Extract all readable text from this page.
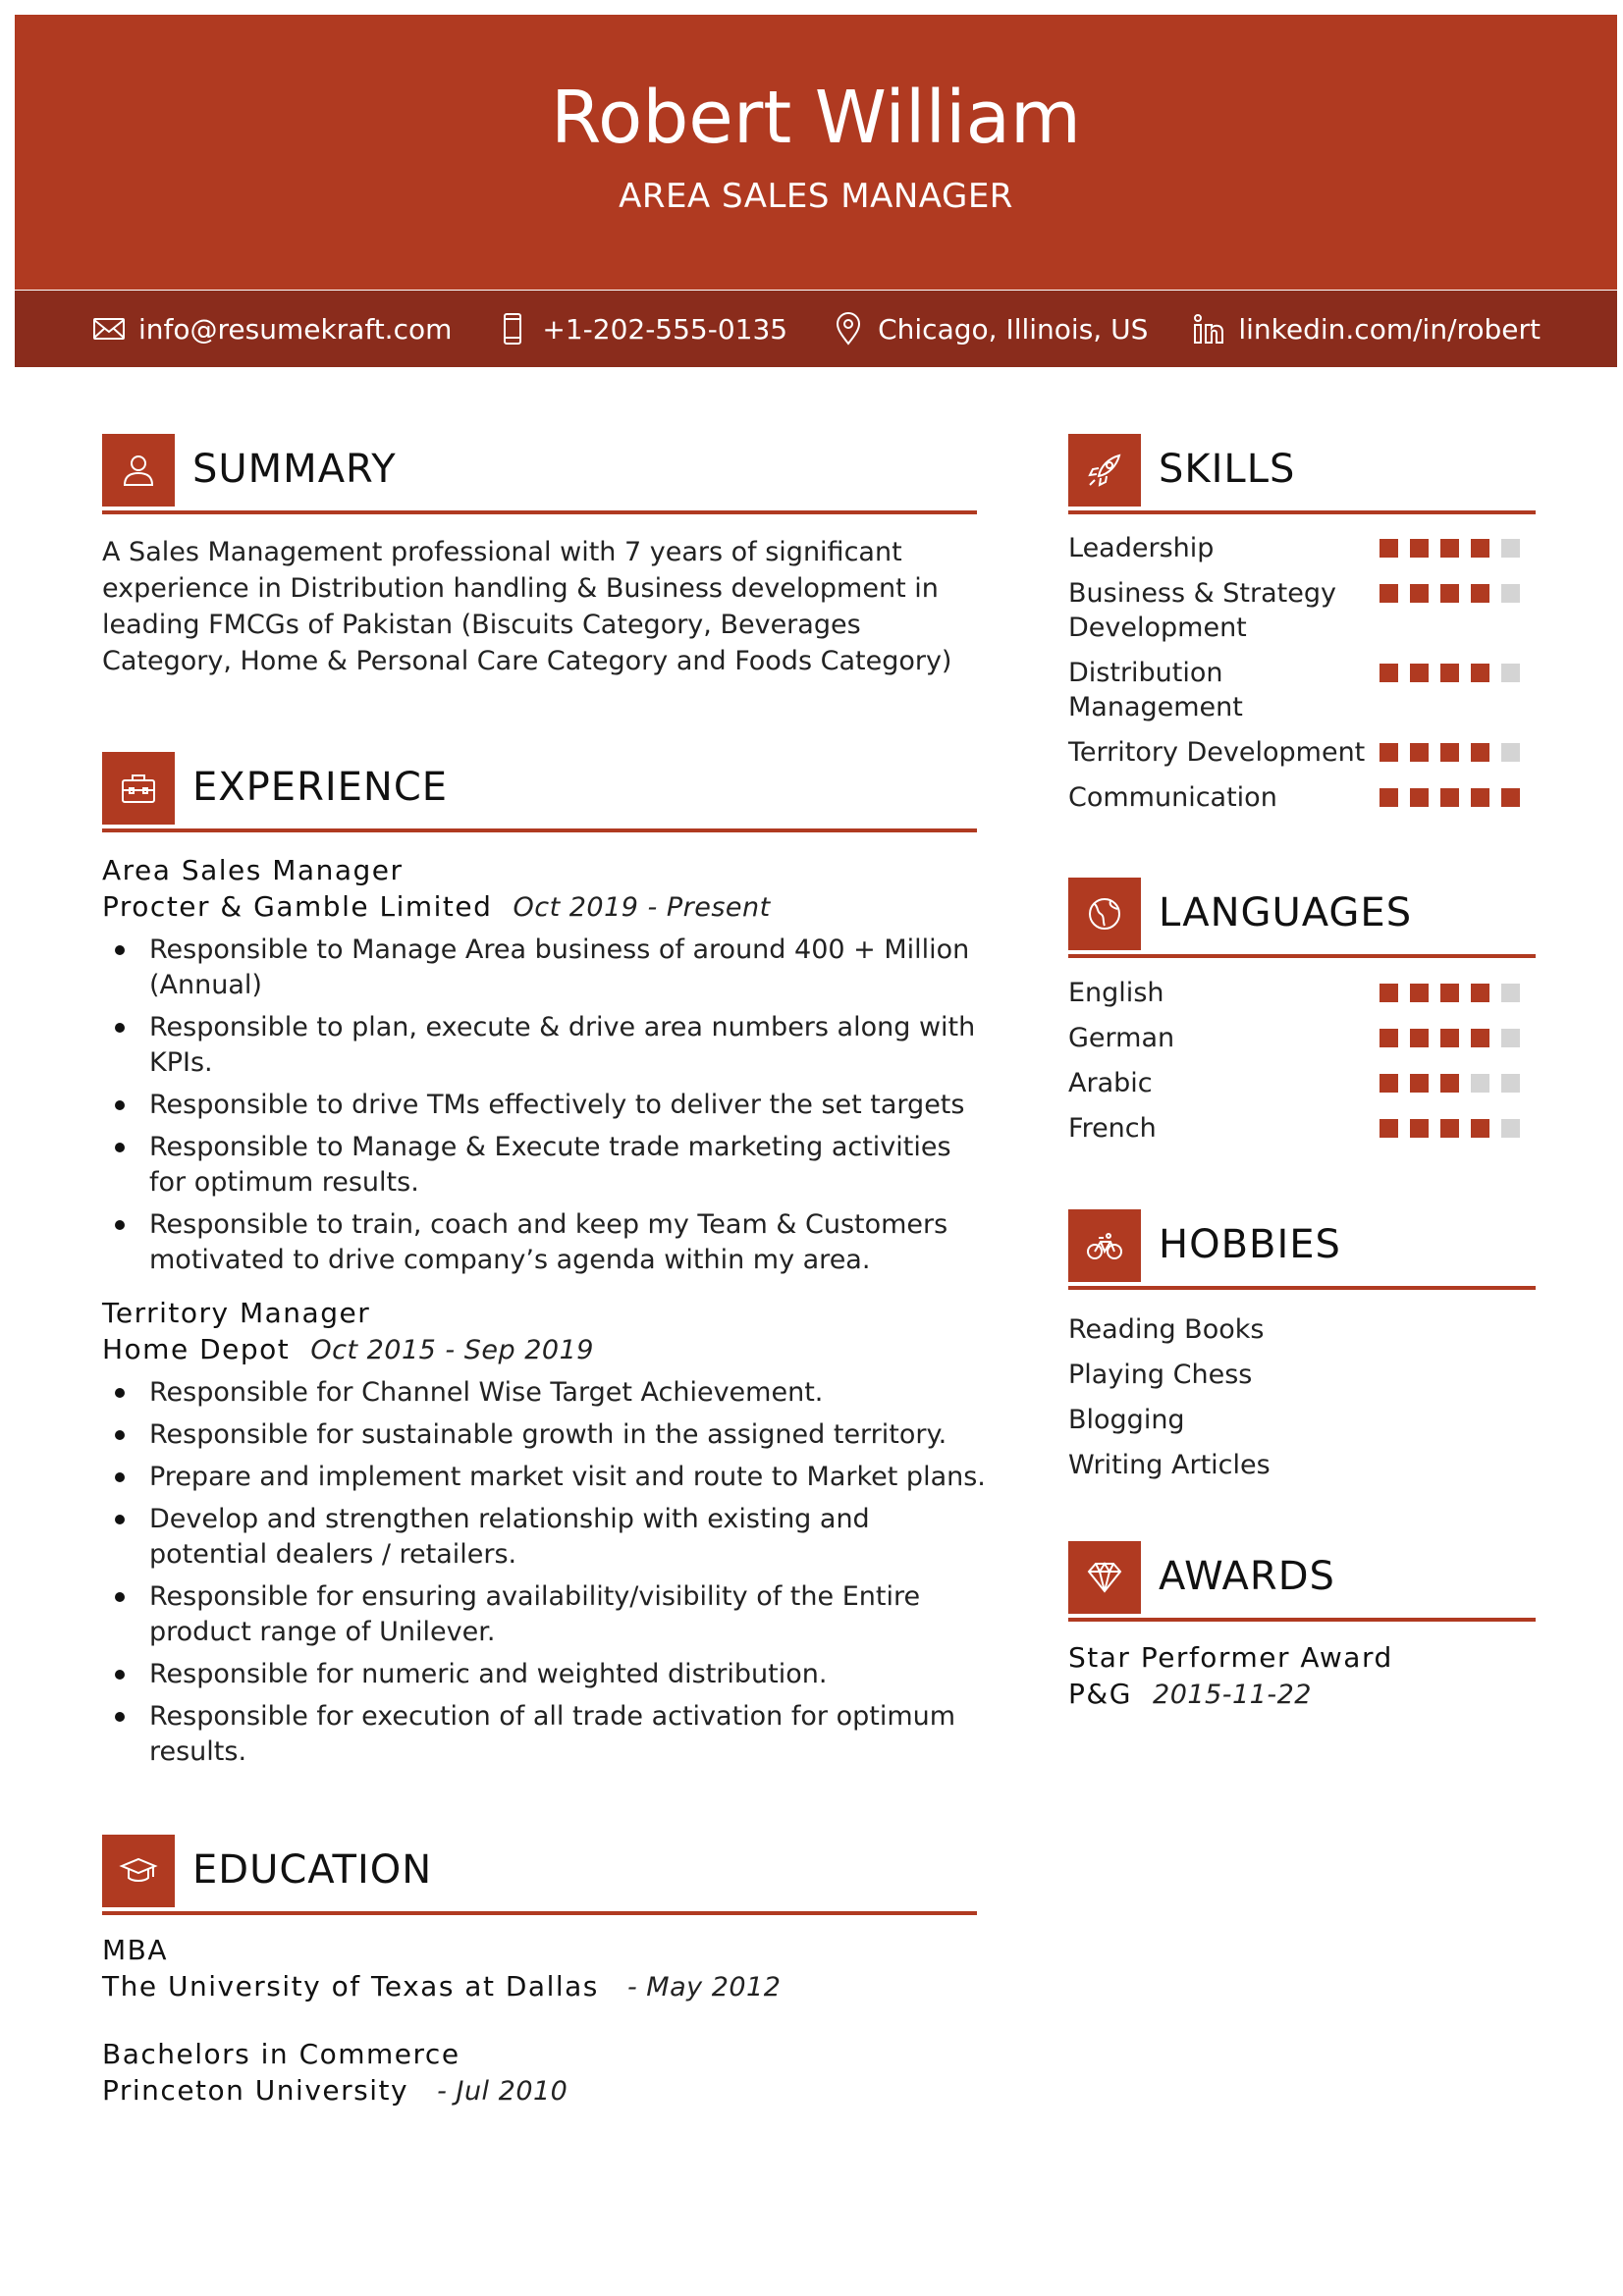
Robert William
AREA SALES MANAGER
info@resumekraft.com	+1-202-555-0135	Chicago, Illinois, US	linkedin.com/in/robert
SUMMARY
A Sales Management professional with 7 years of significant experience in Distribution handling & Business development in leading FMCGs of Pakistan (Biscuits Category, Beverages Category, Home & Personal Care Category and Foods Category)
EXPERIENCE
Area Sales Manager
Procter & Gamble Limited Oct 2019 - Present
Responsible to Manage Area business of around 400 + Million (Annual)
Responsible to plan, execute & drive area numbers along with KPIs.
Responsible to drive TMs effectively to deliver the set targets
Responsible to Manage & Execute trade marketing activities for optimum results.
Responsible to train, coach and keep my Team & Customers motivated to drive company’s agenda within my area.
Territory Manager
Home Depot Oct 2015 - Sep 2019
Responsible for Channel Wise Target Achievement.
Responsible for sustainable growth in the assigned territory.
Prepare and implement market visit and route to Market plans.
Develop and strengthen relationship with existing and potential dealers / retailers.
Responsible for ensuring availability/visibility of the Entire product range of Unilever.
Responsible for numeric and weighted distribution.
Responsible for execution of all trade activation for optimum results.
EDUCATION
MBA
The University of Texas at Dallas - May 2012
Bachelors in Commerce
Princeton University - Jul 2010
SKILLS
Leadership
Business & Strategy Development
Distribution Management
Territory Development
Communication
LANGUAGES
English
German
Arabic
French
HOBBIES
Reading Books
Playing Chess
Blogging
Writing Articles
AWARDS
Star Performer Award
P&G 2015-11-22
